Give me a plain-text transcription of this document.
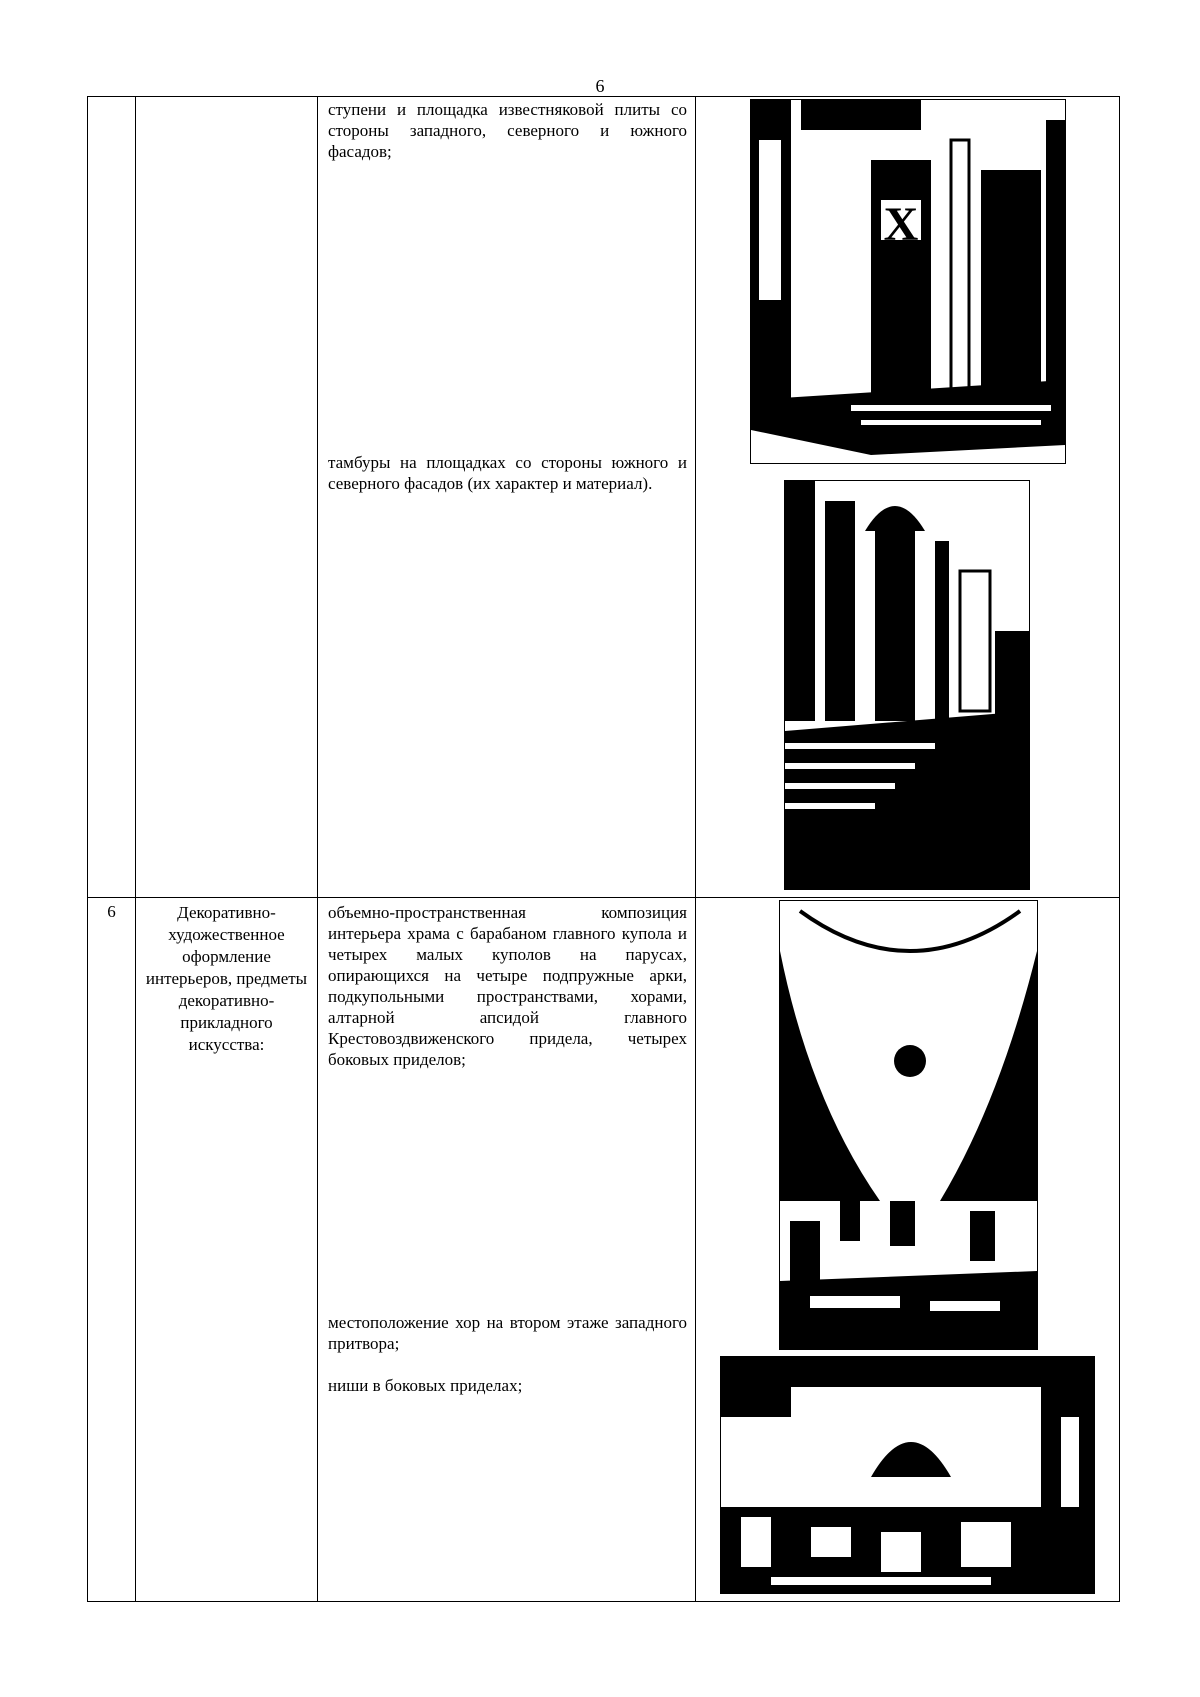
6

		ступени и площадка известняковой плиты со стороны западного, северного и южного фасадов;

тамбуры на площадках со стороны южного и северного фасадов (их характер и материал).	X

6	Декоративно-художественное оформление интерьеров, предметы декоративно-прикладного искусства:	объемно-пространственная композиция интерьера храма с барабаном главного купола и четырех малых куполов на парусах, опирающихся на четыре подпружные арки, подкупольными пространствами, хорами, алтарной апсидой главного Крестовоздвиженского придела, четырех боковых приделов;

местоположение хор на втором этаже западного притвора;

ниши в боковых приделах;
